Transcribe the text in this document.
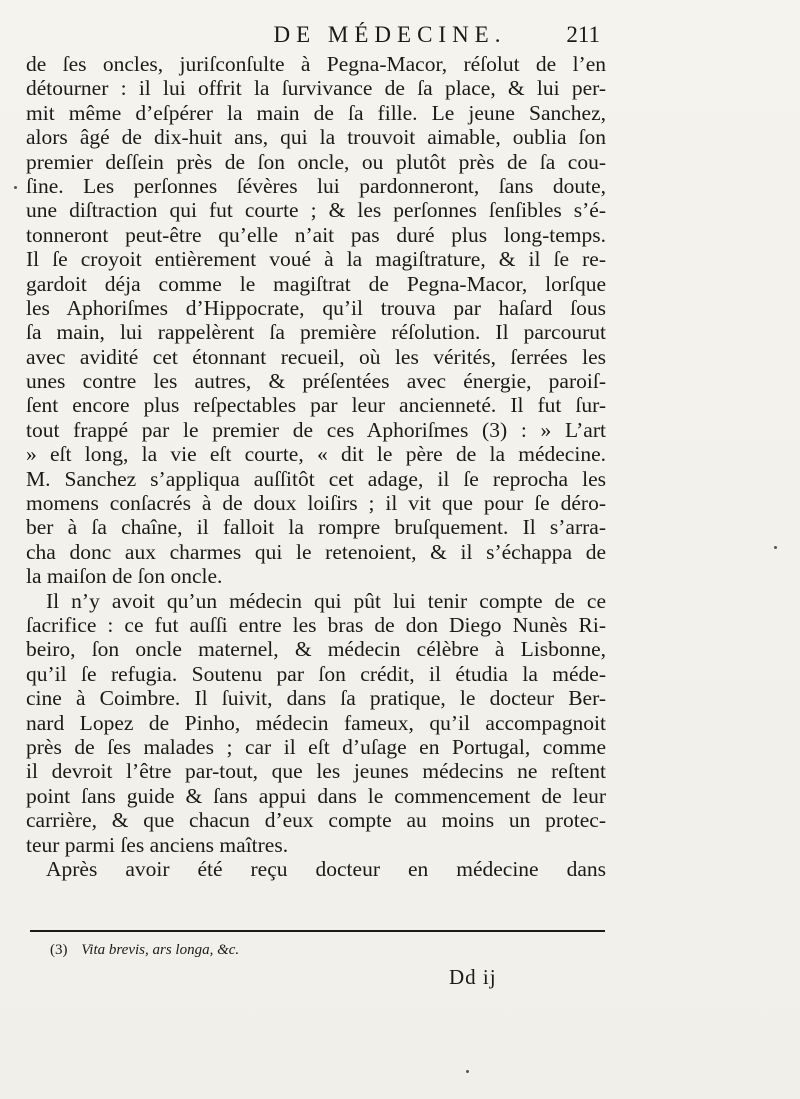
DE MÉDECINE.	211
de ſes oncles, juriſconſulte à Pegna-Macor, réſolut de l’en
détourner : il lui offrit la ſurvivance de ſa place, & lui per-
mit même d’eſpérer la main de ſa fille. Le jeune Sanchez,
alors âgé de dix-huit ans, qui la trouvoit aimable, oublia ſon
premier deſſein près de ſon oncle, ou plutôt près de ſa cou-
ſine. Les perſonnes ſévères lui pardonneront, ſans doute,
une diſtraction qui fut courte ; & les perſonnes ſenſibles s’é-
tonneront peut-être qu’elle n’ait pas duré plus long-temps.
Il ſe croyoit entièrement voué à la magiſtrature, & il ſe re-
gardoit déja comme le magiſtrat de Pegna-Macor, lorſque
les Aphoriſmes d’Hippocrate, qu’il trouva par haſard ſous
ſa main, lui rappelèrent ſa première réſolution. Il parcourut
avec avidité cet étonnant recueil, où les vérités, ſerrées les
unes contre les autres, & préſentées avec énergie, paroiſ-
ſent encore plus reſpectables par leur ancienneté. Il fut ſur-
tout frappé par le premier de ces Aphoriſmes (3) : » L’art
» eſt long, la vie eſt courte, « dit le père de la médecine.
M. Sanchez s’appliqua auſſitôt cet adage, il ſe reprocha les
momens conſacrés à de doux loiſirs ; il vit que pour ſe déro-
ber à ſa chaîne, il falloit la rompre bruſquement. Il s’arra-
cha donc aux charmes qui le retenoient, & il s’échappa de
la maiſon de ſon oncle.
Il n’y avoit qu’un médecin qui pût lui tenir compte de ce
ſacrifice : ce fut auſſi entre les bras de don Diego Nunès Ri-
beiro, ſon oncle maternel, & médecin célèbre à Lisbonne,
qu’il ſe refugia. Soutenu par ſon crédit, il étudia la méde-
cine à Coimbre. Il ſuivit, dans ſa pratique, le docteur Ber-
nard Lopez de Pinho, médecin fameux, qu’il accompagnoit
près de ſes malades ; car il eſt d’uſage en Portugal, comme
il devroit l’être par-tout, que les jeunes médecins ne reſtent
point ſans guide & ſans appui dans le commencement de leur
carrière, & que chacun d’eux compte au moins un protec-
teur parmi ſes anciens maîtres.
Après avoir été reçu docteur en médecine dans
(3) Vita brevis, ars longa, &c.
Dd ij
